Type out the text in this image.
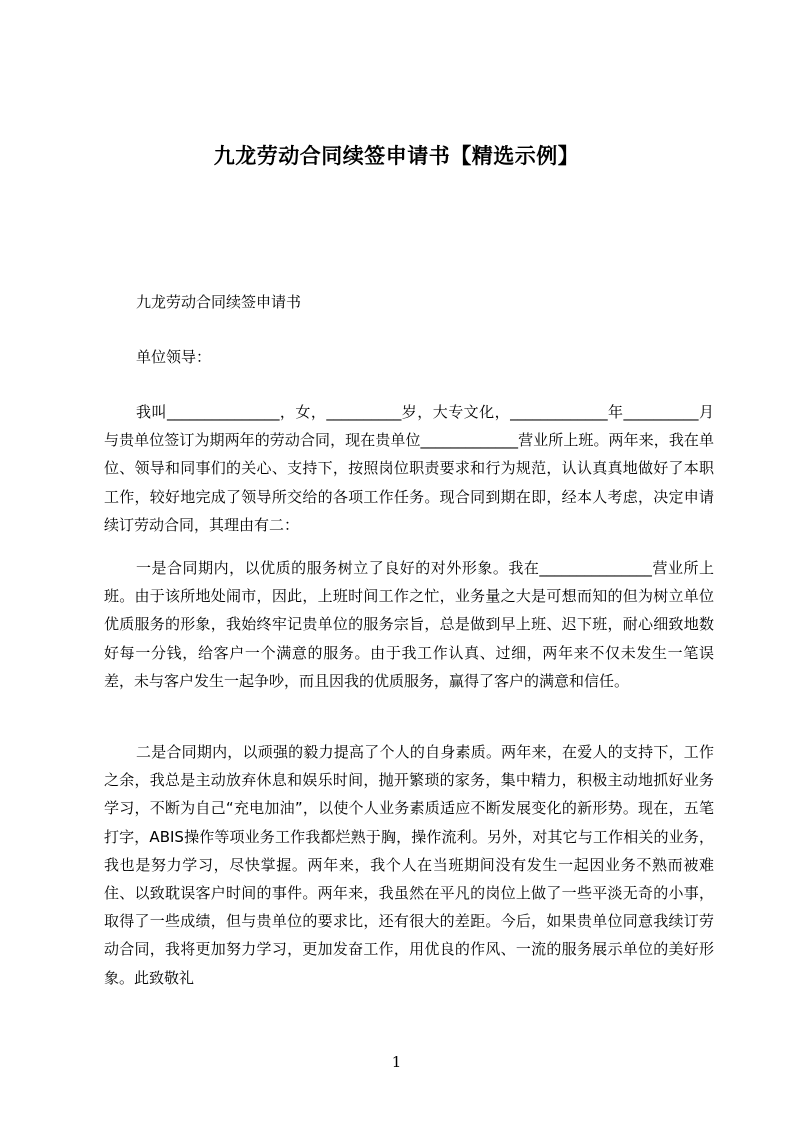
九龙劳动合同续签申请书【精选示例】

九龙劳动合同续签申请书

单位领导：

我叫_______________，女，__________岁，大专文化，_____________年__________月与贵单位签订为期两年的劳动合同，现在贵单位_____________营业所上班。两年来，我在单位、领导和同事们的关心、支持下，按照岗位职责要求和行为规范，认认真真地做好了本职工作，较好地完成了领导所交给的各项工作任务。现合同到期在即，经本人考虑，决定申请续订劳动合同，其理由有二：

一是合同期内，以优质的服务树立了良好的对外形象。我在_______________营业所上班。由于该所地处闹市，因此，上班时间工作之忙，业务量之大是可想而知的但为树立单位优质服务的形象，我始终牢记贵单位的服务宗旨，总是做到早上班、迟下班，耐心细致地数好每一分钱，给客户一个满意的服务。由于我工作认真、过细，两年来不仅未发生一笔误差，未与客户发生一起争吵，而且因我的优质服务，赢得了客户的满意和信任。

二是合同期内，以顽强的毅力提高了个人的自身素质。两年来，在爱人的支持下，工作之余，我总是主动放弃休息和娱乐时间，抛开繁琐的家务，集中精力，积极主动地抓好业务学习，不断为自己“充电加油”，以使个人业务素质适应不断发展变化的新形势。现在，五笔打字，ABIS操作等项业务工作我都烂熟于胸，操作流利。另外，对其它与工作相关的业务，我也是努力学习，尽快掌握。两年来，我个人在当班期间没有发生一起因业务不熟而被难住、以致耽误客户时间的事件。两年来，我虽然在平凡的岗位上做了一些平淡无奇的小事，取得了一些成绩，但与贵单位的要求比，还有很大的差距。今后，如果贵单位同意我续订劳动合同，我将更加努力学习，更加发奋工作，用优良的作风、一流的服务展示单位的美好形象。此致敬礼

1
